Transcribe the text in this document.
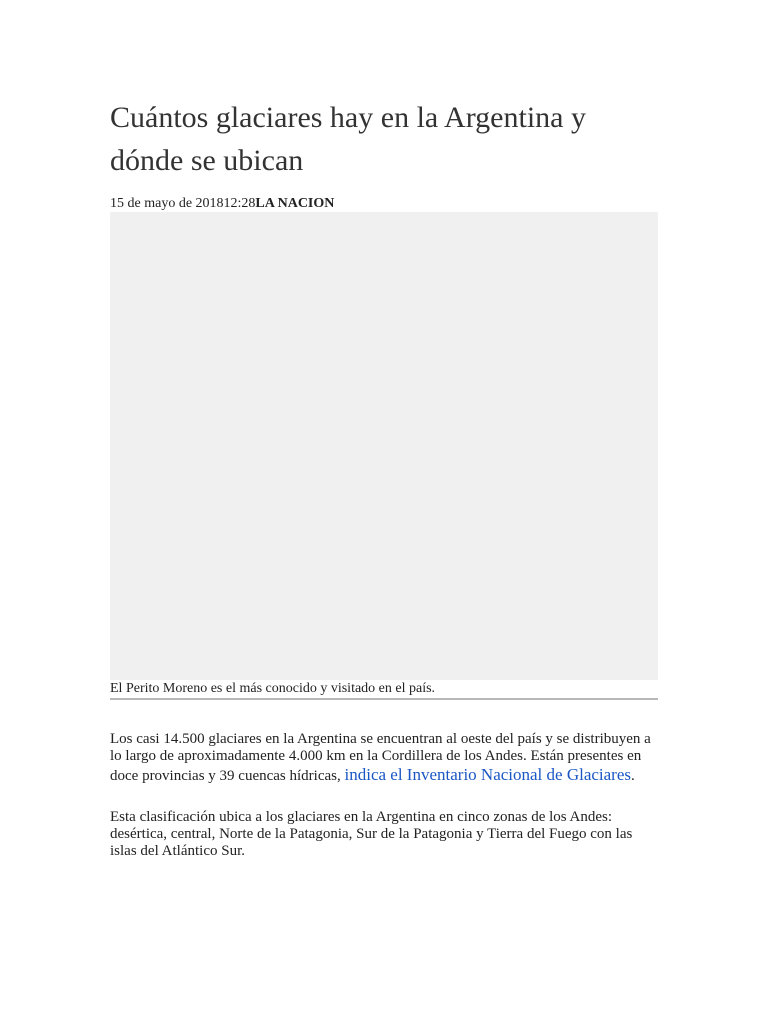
Cuántos glaciares hay en la Argentina y dónde se ubican
15 de mayo de 201812:28LA NACION
El Perito Moreno es el más conocido y visitado en el país.

Los casi 14.500 glaciares en la Argentina se encuentran al oeste del país y se distribuyen a lo largo de aproximadamente 4.000 km en la Cordillera de los Andes. Están presentes en doce provincias y 39 cuencas hídricas, indica el Inventario Nacional de Glaciares.

Esta clasificación ubica a los glaciares en la Argentina en cinco zonas de los Andes: desértica, central, Norte de la Patagonia, Sur de la Patagonia y Tierra del Fuego con las islas del Atlántico Sur.
